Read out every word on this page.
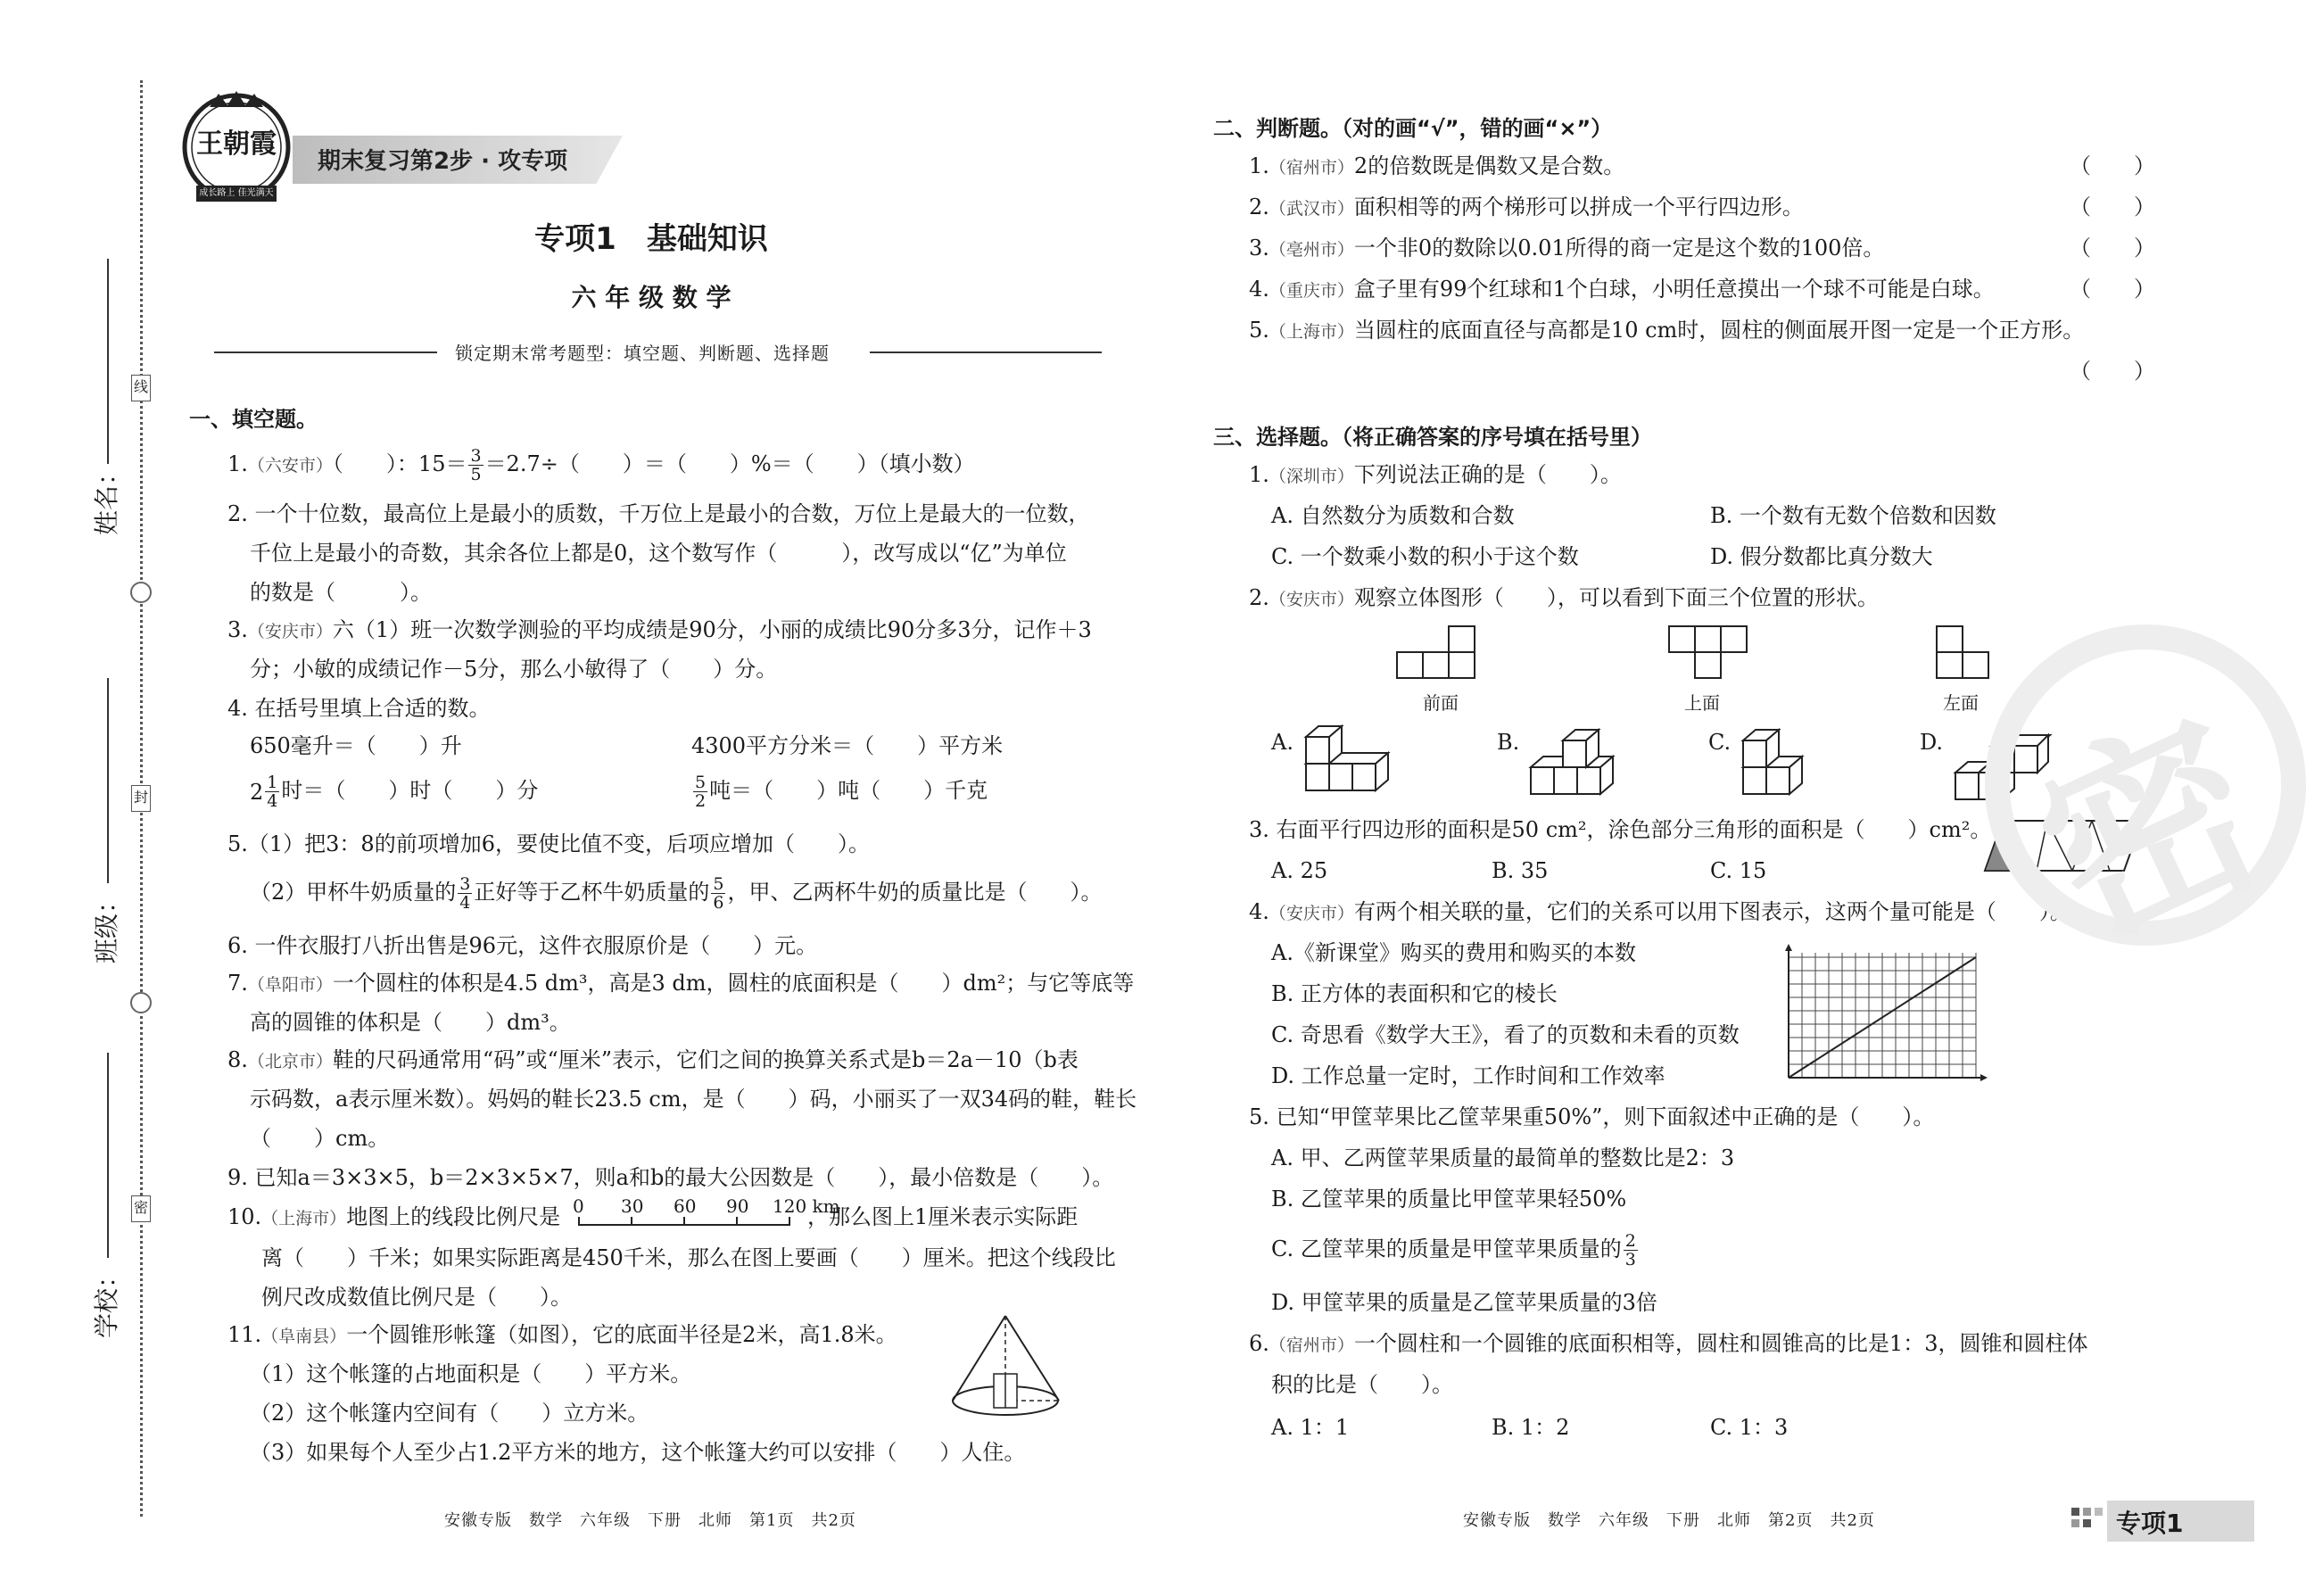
线
封
密
姓名：
班级：
学校：
王朝霞
成长路上 佳光满天
期末复习第2步 · 攻专项
专项1　基础知识
六 年 级 数 学
锁定期末常考题型：填空题、判断题、选择题
一、填空题。
1.（六安市）（　　）：$15= \frac{3}{5} =2.7\div$（　　）＝（　　）%＝（　　）（填小数）
2. 一个十位数，最高位上是最小的质数，千万位上是最小的合数，万位上是最大的一位数，
千位上是最小的奇数，其余各位上都是0，这个数写作（　　　），改写成以“亿”为单位
的数是（　　　）。
3.（安庆市）六（1）班一次数学测验的平均成绩是90分，小丽的成绩比90分多3分，记作＋3
分；小敏的成绩记作－5分，那么小敏得了（　　）分。
4. 在括号里填上合适的数。
650毫升＝（　　）升	4300平方分米＝（　　）平方米
$2 \frac{1}{4}$ 时＝（　　）时（　　）分	$\frac{5}{2}$ 吨＝（　　）吨（　　）千克
5.（1）把3：8的前项增加6，要使比值不变，后项应增加（　　）。
（2）甲杯牛奶质量的 $\frac{3}{4}$ 正好等于乙杯牛奶质量的 $\frac{5}{6}$ ，甲、乙两杯牛奶的质量比是（　　）。
6. 一件衣服打八折出售是96元，这件衣服原价是（　　）元。
7.（阜阳市）一个圆柱的体积是4.5 dm³，高是3 dm，圆柱的底面积是（　　）dm²；与它等底等
高的圆锥的体积是（　　）dm³。
8.（北京市）鞋的尺码通常用“码”或“厘米”表示，它们之间的换算关系式是b＝2a－10（b表
示码数，a表示厘米数）。妈妈的鞋长23.5 cm，是（　　）码，小丽买了一双34码的鞋，鞋长
（　　）cm。
9. 已知a＝3×3×5，b＝2×3×5×7，则a和b的最大公因数是（　　），最小倍数是（　　）。
10.（上海市）地图上的线段比例尺是 0 30 60 90 120 km
，那么图上1厘米表示实际距
离（　　）千米；如果实际距离是450千米，那么在图上要画（　　）厘米。把这个线段比
例尺改成数值比例尺是（　　）。
11.（阜南县）一个圆锥形帐篷（如图），它的底面半径是2米，高1.8米。
（1）这个帐篷的占地面积是（　　）平方米。
（2）这个帐篷内空间有（　　）立方米。
（3）如果每个人至少占1.2平方米的地方，这个帐篷大约可以安排（　　）人住。
安徽专版　数学　六年级　下册　北师　第1页　共2页
二、判断题。（对的画“√”，错的画“×”）
1.（宿州市）2的倍数既是偶数又是合数。	（　　）
2.（武汉市）面积相等的两个梯形可以拼成一个平行四边形。	（　　）
3.（亳州市）一个非0的数除以0.01所得的商一定是这个数的100倍。	（　　）
4.（重庆市）盒子里有99个红球和1个白球，小明任意摸出一个球不可能是白球。	（　　）
5.（上海市）当圆柱的底面直径与高都是10 cm时，圆柱的侧面展开图一定是一个正方形。
（　　）
三、选择题。（将正确答案的序号填在括号里）
1.（深圳市）下列说法正确的是（　　）。
A. 自然数分为质数和合数	B. 一个数有无数个倍数和因数
C. 一个数乘小数的积小于这个数	D. 假分数都比真分数大
2.（安庆市）观察立体图形（　　），可以看到下面三个位置的形状。
前面	上面	左面
A.	B.	C.	D.
3. 右面平行四边形的面积是50 cm²，涂色部分三角形的面积是（　　）cm²。
A. 25	B. 35	C. 15
4.（安庆市）有两个相关联的量，它们的关系可以用下图表示，这两个量可能是（　　）。
A.《新课堂》购买的费用和购买的本数
B. 正方体的表面积和它的棱长
C. 奇思看《数学大王》，看了的页数和未看的页数
D. 工作总量一定时，工作时间和工作效率
5. 已知“甲筐苹果比乙筐苹果重50%”，则下面叙述中正确的是（　　）。
A. 甲、乙两筐苹果质量的最简单的整数比是2：3
B. 乙筐苹果的质量比甲筐苹果轻50%
C. 乙筐苹果的质量是甲筐苹果质量的 $\frac{2}{3}$
D. 甲筐苹果的质量是乙筐苹果质量的3倍
6.（宿州市）一个圆柱和一个圆锥的底面积相等，圆柱和圆锥高的比是1：3，圆锥和圆柱体
积的比是（　　）。
A. 1：1	B. 1：2	C. 1：3
密
安徽专版　数学　六年级　下册　北师　第2页　共2页	专项1
